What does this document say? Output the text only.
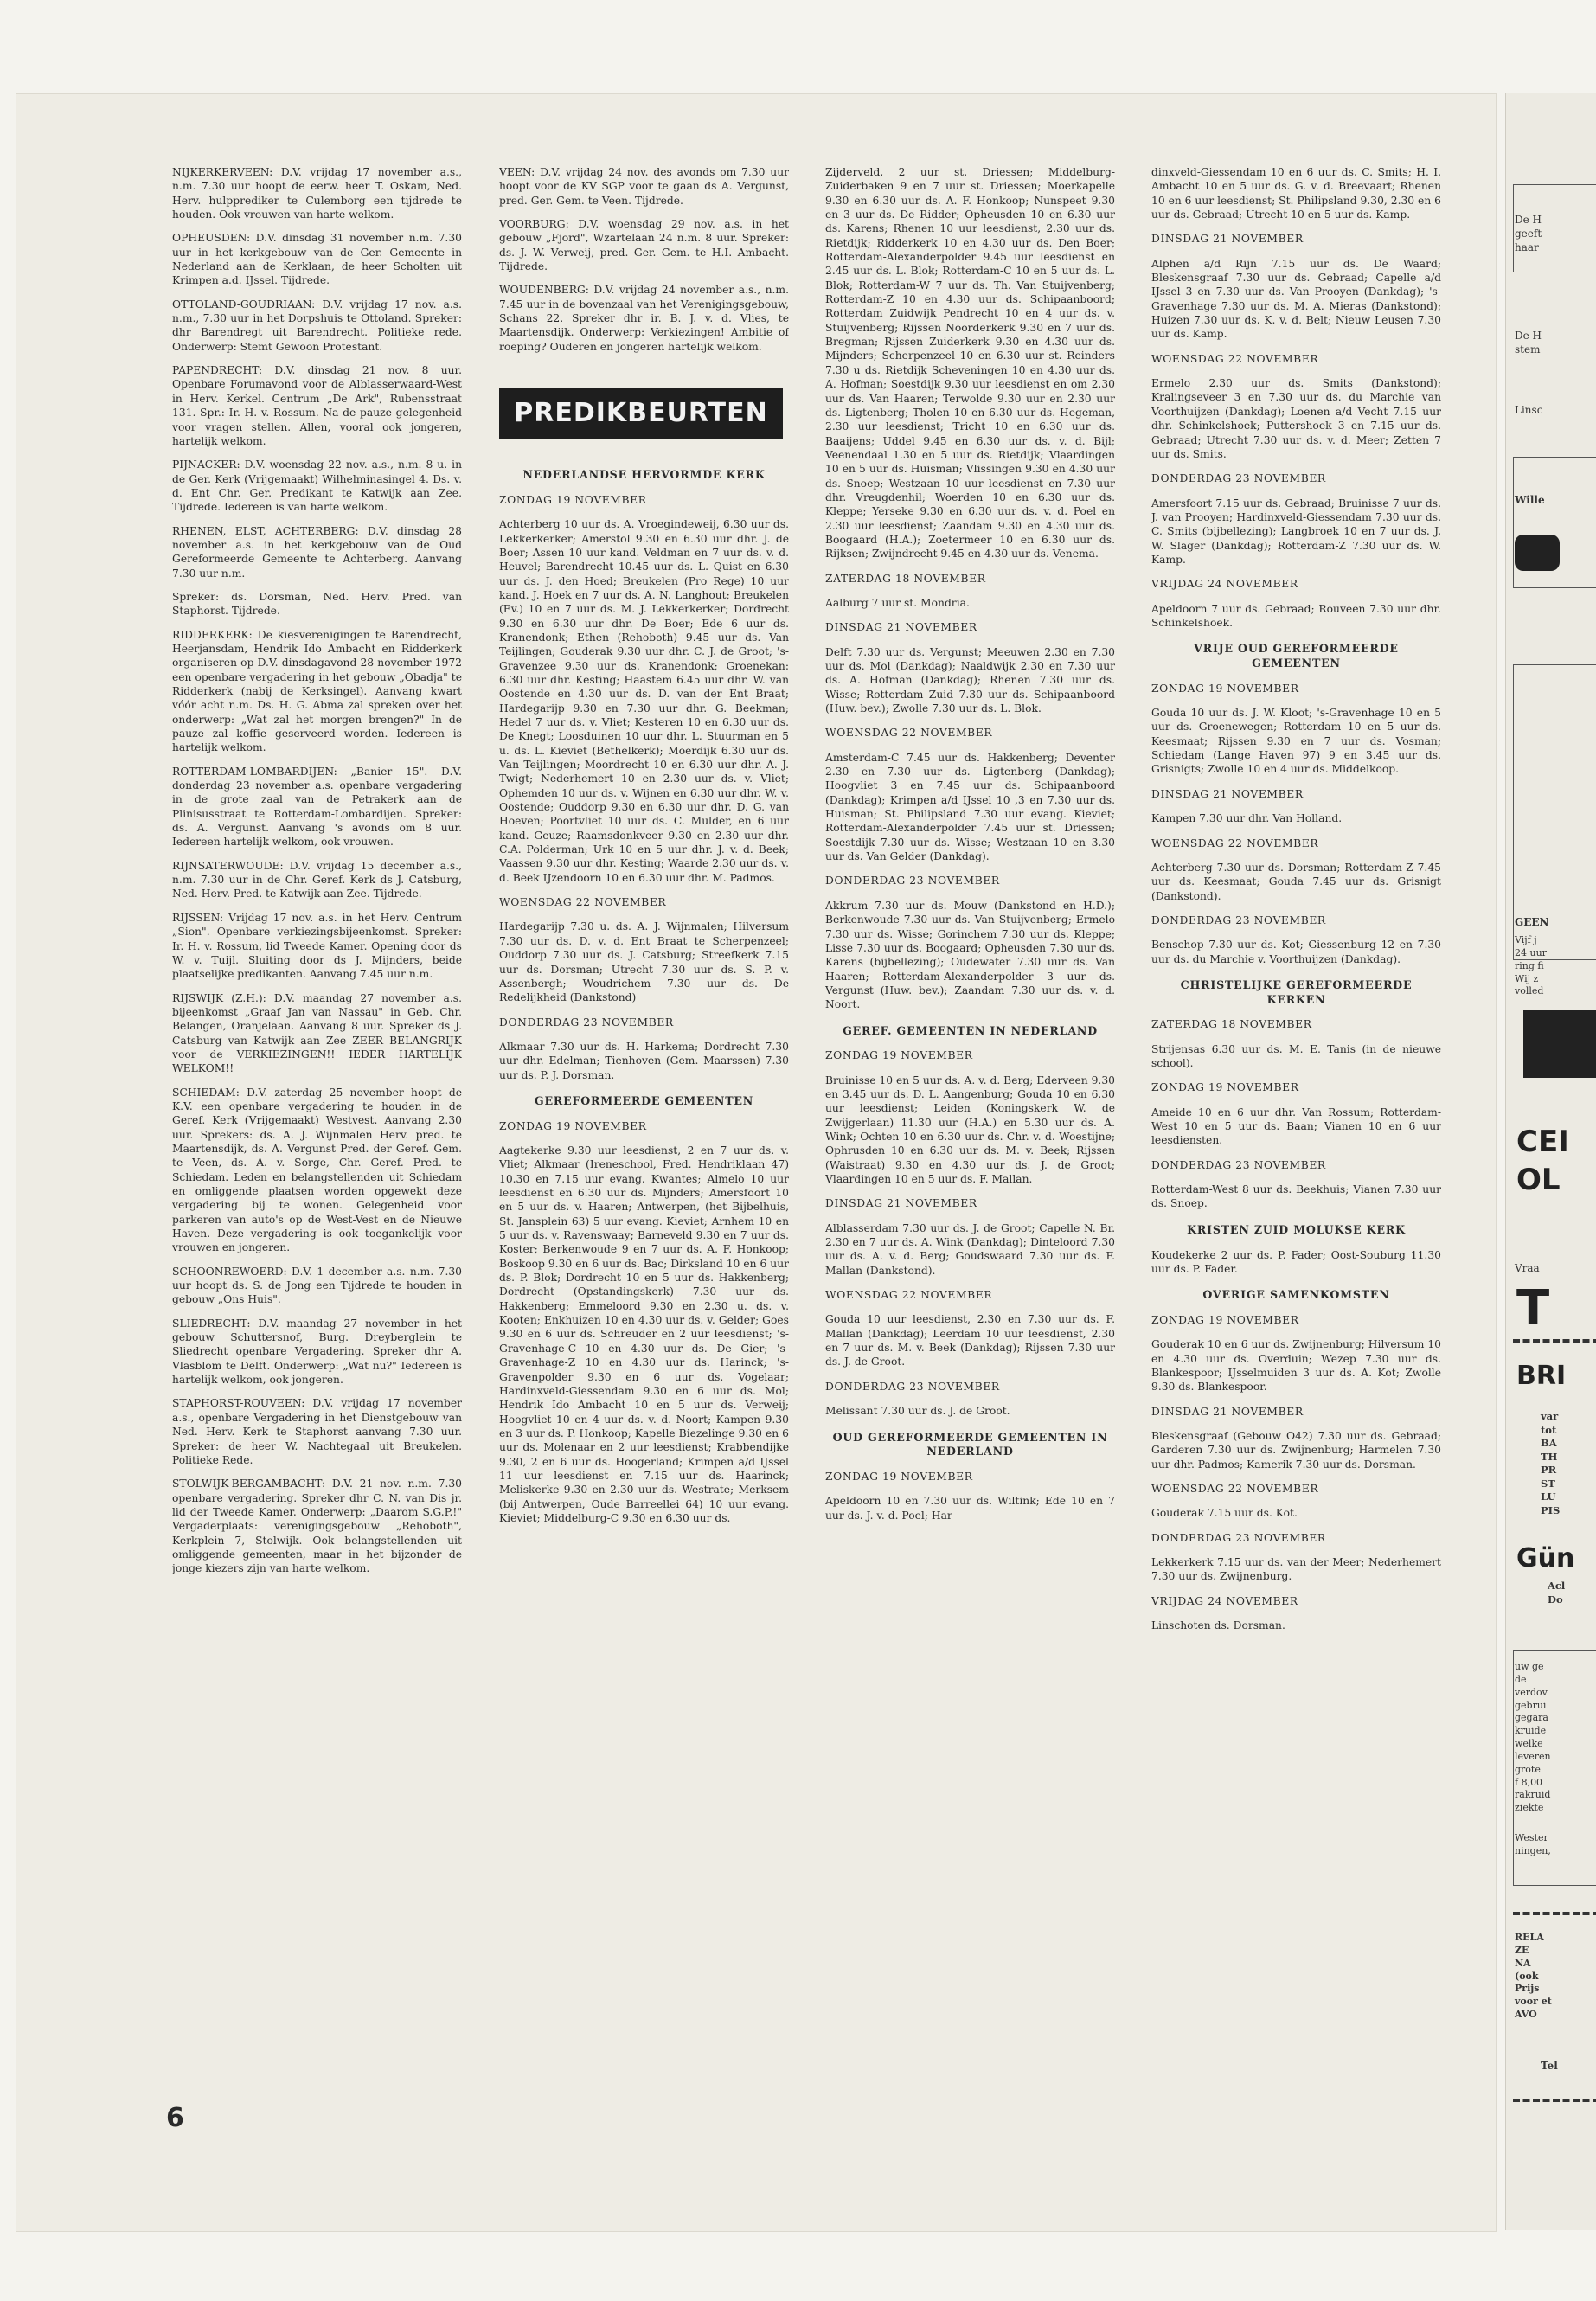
NIJKERKERVEEN: D.V. vrijdag 17 november a.s., n.m. 7.30 uur hoopt de eerw. heer T. Oskam, Ned. Herv. hulpprediker te Culemborg een tijdrede te houden. Ook vrouwen van harte welkom.

OPHEUSDEN: D.V. dinsdag 31 november n.m. 7.30 uur in het kerkgebouw van de Ger. Gemeente in Nederland aan de Kerklaan, de heer Scholten uit Krimpen a.d. IJssel. Tijdrede.

OTTOLAND-GOUDRIAAN: D.V. vrijdag 17 nov. a.s. n.m., 7.30 uur in het Dorpshuis te Ottoland. Spreker: dhr Barendregt uit Barendrecht. Politieke rede. Onderwerp: Stemt Gewoon Protestant.

PAPENDRECHT: D.V. dinsdag 21 nov. 8 uur. Openbare Forumavond voor de Alblasserwaard-West in Herv. Kerkel. Centrum „De Ark", Rubensstraat 131. Spr.: Ir. H. v. Rossum. Na de pauze gelegenheid voor vragen stellen. Allen, vooral ook jongeren, hartelijk welkom.

PIJNACKER: D.V. woensdag 22 nov. a.s., n.m. 8 u. in de Ger. Kerk (Vrijgemaakt) Wilhelminasingel 4. Ds. v. d. Ent Chr. Ger. Predikant te Katwijk aan Zee. Tijdrede. Iedereen is van harte welkom.

RHENEN, ELST, ACHTERBERG: D.V. dinsdag 28 november a.s. in het kerkgebouw van de Oud Gereformeerde Gemeente te Achterberg. Aanvang 7.30 uur n.m.

Spreker: ds. Dorsman, Ned. Herv. Pred. van Staphorst. Tijdrede.

RIDDERKERK: De kiesverenigingen te Barendrecht, Heerjansdam, Hendrik Ido Ambacht en Ridderkerk organiseren op D.V. dinsdagavond 28 november 1972 een openbare vergadering in het gebouw „Obadja" te Ridderkerk (nabij de Kerksingel). Aanvang kwart vóór acht n.m. Ds. H. G. Abma zal spreken over het onderwerp: „Wat zal het morgen brengen?" In de pauze zal koffie geserveerd worden. Iedereen is hartelijk welkom.

ROTTERDAM-LOMBARDIJEN: „Banier 15". D.V. donderdag 23 november a.s. openbare vergadering in de grote zaal van de Petrakerk aan de Plinisusstraat te Rotterdam-Lombardijen. Spreker: ds. A. Vergunst. Aanvang 's avonds om 8 uur. Iedereen hartelijk welkom, ook vrouwen.

RIJNSATERWOUDE: D.V. vrijdag 15 december a.s., n.m. 7.30 uur in de Chr. Geref. Kerk ds J. Catsburg, Ned. Herv. Pred. te Katwijk aan Zee. Tijdrede.

RIJSSEN: Vrijdag 17 nov. a.s. in het Herv. Centrum „Sion". Openbare verkiezingsbijeenkomst. Spreker: Ir. H. v. Rossum, lid Tweede Kamer. Opening door ds W. v. Tuijl. Sluiting door ds J. Mijnders, beide plaatselijke predikanten. Aanvang 7.45 uur n.m.

RIJSWIJK (Z.H.): D.V. maandag 27 november a.s. bijeenkomst „Graaf Jan van Nassau" in Geb. Chr. Belangen, Oranjelaan. Aanvang 8 uur. Spreker ds J. Catsburg van Katwijk aan Zee ZEER BELANGRIJK voor de VERKIEZINGEN!! IEDER HARTELIJK WELKOM!!

SCHIEDAM: D.V. zaterdag 25 november hoopt de K.V. een openbare vergadering te houden in de Geref. Kerk (Vrijgemaakt) Westvest. Aanvang 2.30 uur. Sprekers: ds. A. J. Wijnmalen Herv. pred. te Maartensdijk, ds. A. Vergunst Pred. der Geref. Gem. te Veen, ds. A. v. Sorge, Chr. Geref. Pred. te Schiedam. Leden en belangstellenden uit Schiedam en omliggende plaatsen worden opgewekt deze vergadering bij te wonen. Gelegenheid voor parkeren van auto's op de West-Vest en de Nieuwe Haven. Deze vergadering is ook toegankelijk voor vrouwen en jongeren.

SCHOONREWOERD: D.V. 1 december a.s. n.m. 7.30 uur hoopt ds. S. de Jong een Tijdrede te houden in gebouw „Ons Huis".

SLIEDRECHT: D.V. maandag 27 november in het gebouw Schuttersnof, Burg. Dreyberglein te Sliedrecht openbare Vergadering. Spreker dhr A. Vlasblom te Delft. Onderwerp: „Wat nu?" Iedereen is hartelijk welkom, ook jongeren.

STAPHORST-ROUVEEN: D.V. vrijdag 17 november a.s., openbare Vergadering in het Dienstgebouw van Ned. Herv. Kerk te Staphorst aanvang 7.30 uur. Spreker: de heer W. Nachtegaal uit Breukelen. Politieke Rede.

STOLWIJK-BERGAMBACHT: D.V. 21 nov. n.m. 7.30 openbare vergadering. Spreker dhr C. N. van Dis jr. lid der Tweede Kamer. Onderwerp: „Daarom S.G.P.!" Vergaderplaats: verenigingsgebouw „Rehoboth", Kerkplein 7, Stolwijk. Ook belangstellenden uit omliggende gemeenten, maar in het bijzonder de jonge kiezers zijn van harte welkom.

VEEN: D.V. vrijdag 24 nov. des avonds om 7.30 uur hoopt voor de KV SGP voor te gaan ds A. Vergunst, pred. Ger. Gem. te Veen. Tijdrede.

VOORBURG: D.V. woensdag 29 nov. a.s. in het gebouw „Fjord", Wzartelaan 24 n.m. 8 uur. Spreker: ds. J. W. Verweij, pred. Ger. Gem. te H.I. Ambacht. Tijdrede.

WOUDENBERG: D.V. vrijdag 24 november a.s., n.m. 7.45 uur in de bovenzaal van het Verenigingsgebouw, Schans 22. Spreker dhr ir. B. J. v. d. Vlies, te Maartensdijk. Onderwerp: Verkiezingen! Ambitie of roeping? Ouderen en jongeren hartelijk welkom.

PREDIKBEURTEN
NEDERLANDSE HERVORMDE KERK
ZONDAG 19 NOVEMBER

Achterberg 10 uur ds. A. Vroegindeweij, 6.30 uur ds. Lekkerkerker; Amerstol 9.30 en 6.30 uur dhr. J. de Boer; Assen 10 uur kand. Veldman en 7 uur ds. v. d. Heuvel; Barendrecht 10.45 uur ds. L. Quist en 6.30 uur ds. J. den Hoed; Breukelen (Pro Rege) 10 uur kand. J. Hoek en 7 uur ds. A. N. Langhout; Breukelen (Ev.) 10 en 7 uur ds. M. J. Lekkerkerker; Dordrecht 9.30 en 6.30 uur dhr. De Boer; Ede 6 uur ds. Kranendonk; Ethen (Rehoboth) 9.45 uur ds. Van Teijlingen; Gouderak 9.30 uur dhr. C. J. de Groot; 's-Gravenzee 9.30 uur ds. Kranendonk; Groenekan: 6.30 uur dhr. Kesting; Haastem 6.45 uur dhr. W. van Oostende en 4.30 uur ds. D. van der Ent Braat; Hardegarijp 9.30 en 7.30 uur dhr. G. Beekman; Hedel 7 uur ds. v. Vliet; Kesteren 10 en 6.30 uur ds. De Knegt; Loosduinen 10 uur dhr. L. Stuurman en 5 u. ds. L. Kieviet (Bethelkerk); Moerdijk 6.30 uur ds. Van Teijlingen; Moordrecht 10 en 6.30 uur dhr. A. J. Twigt; Nederhemert 10 en 2.30 uur ds. v. Vliet; Ophemden 10 uur ds. v. Wijnen en 6.30 uur dhr. W. v. Oostende; Ouddorp 9.30 en 6.30 uur dhr. D. G. van Hoeven; Poortvliet 10 uur ds. C. Mulder, en 6 uur kand. Geuze; Raamsdonkveer 9.30 en 2.30 uur dhr. C.A. Polderman; Urk 10 en 5 uur dhr. J. v. d. Beek; Vaassen 9.30 uur dhr. Kesting; Waarde 2.30 uur ds. v. d. Beek IJzendoorn 10 en 6.30 uur dhr. M. Padmos.

WOENSDAG 22 NOVEMBER

Hardegarijp 7.30 u. ds. A. J. Wijnmalen; Hilversum 7.30 uur ds. D. v. d. Ent Braat te Scherpenzeel; Ouddorp 7.30 uur ds. J. Catsburg; Streefkerk 7.15 uur ds. Dorsman; Utrecht 7.30 uur ds. S. P. v. Assenbergh; Woudrichem 7.30 uur ds. De Redelijkheid (Dankstond)

DONDERDAG 23 NOVEMBER

Alkmaar 7.30 uur ds. H. Harkema; Dordrecht 7.30 uur dhr. Edelman; Tienhoven (Gem. Maarssen) 7.30 uur ds. P. J. Dorsman.

GEREFORMEERDE GEMEENTEN
ZONDAG 19 NOVEMBER

Aagtekerke 9.30 uur leesdienst, 2 en 7 uur ds. v. Vliet; Alkmaar (Ireneschool, Fred. Hendriklaan 47) 10.30 en 7.15 uur evang. Kwantes; Almelo 10 uur leesdienst en 6.30 uur ds. Mijnders; Amersfoort 10 en 5 uur ds. v. Haaren; Antwerpen, (het Bijbelhuis, St. Jansplein 63) 5 uur evang. Kieviet; Arnhem 10 en 5 uur ds. v. Ravenswaay; Barneveld 9.30 en 7 uur ds. Koster; Berkenwoude 9 en 7 uur ds. A. F. Honkoop; Boskoop 9.30 en 6 uur ds. Bac; Dirksland 10 en 6 uur ds. P. Blok; Dordrecht 10 en 5 uur ds. Hakkenberg; Dordrecht (Opstandingskerk) 7.30 uur ds. Hakkenberg; Emmeloord 9.30 en 2.30 u. ds. v. Kooten; Enkhuizen 10 en 4.30 uur ds. v. Gelder; Goes 9.30 en 6 uur ds. Schreuder en 2 uur leesdienst; 's-Gravenhage-C 10 en 4.30 uur ds. De Gier; 's-Gravenhage-Z 10 en 4.30 uur ds. Harinck; 's-Gravenpolder 9.30 en 6 uur ds. Vogelaar; Hardinxveld-Giessendam 9.30 en 6 uur ds. Mol; Hendrik Ido Ambacht 10 en 5 uur ds. Verweij; Hoogvliet 10 en 4 uur ds. v. d. Noort; Kampen 9.30 en 3 uur ds. P. Honkoop; Kapelle Biezelinge 9.30 en 6 uur ds. Molenaar en 2 uur leesdienst; Krabbendijke 9.30, 2 en 6 uur ds. Hoogerland; Krimpen a/d IJssel 11 uur leesdienst en 7.15 uur ds. Haarinck; Meliskerke 9.30 en 2.30 uur ds. Westrate; Merksem (bij Antwerpen, Oude Barreellei 64) 10 uur evang. Kieviet; Middelburg-C 9.30 en 6.30 uur ds.

Zijderveld, 2 uur st. Driessen; Middelburg-Zuiderbaken 9 en 7 uur st. Driessen; Moerkapelle 9.30 en 6.30 uur ds. A. F. Honkoop; Nunspeet 9.30 en 3 uur ds. De Ridder; Opheusden 10 en 6.30 uur ds. Karens; Rhenen 10 uur leesdienst, 2.30 uur ds. Rietdijk; Ridderkerk 10 en 4.30 uur ds. Den Boer; Rotterdam-Alexanderpolder 9.45 uur leesdienst en 2.45 uur ds. L. Blok; Rotterdam-C 10 en 5 uur ds. L. Blok; Rotterdam-W 7 uur ds. Th. Van Stuijvenberg; Rotterdam-Z 10 en 4.30 uur ds. Schipaanboord; Rotterdam Zuidwijk Pendrecht 10 en 4 uur ds. v. Stuijvenberg; Rijssen Noorderkerk 9.30 en 7 uur ds. Bregman; Rijssen Zuiderkerk 9.30 en 4.30 uur ds. Mijnders; Scherpenzeel 10 en 6.30 uur st. Reinders 7.30 u ds. Rietdijk Scheveningen 10 en 4.30 uur ds. A. Hofman; Soestdijk 9.30 uur leesdienst en om 2.30 uur ds. Van Haaren; Terwolde 9.30 uur en 2.30 uur ds. Ligtenberg; Tholen 10 en 6.30 uur ds. Hegeman, 2.30 uur leesdienst; Tricht 10 en 6.30 uur ds. Baaijens; Uddel 9.45 en 6.30 uur ds. v. d. Bijl; Veenendaal 1.30 en 5 uur ds. Rietdijk; Vlaardingen 10 en 5 uur ds. Huisman; Vlissingen 9.30 en 4.30 uur ds. Snoep; Westzaan 10 uur leesdienst en 7.30 uur dhr. Vreugdenhil; Woerden 10 en 6.30 uur ds. Kleppe; Yerseke 9.30 en 6.30 uur ds. v. d. Poel en 2.30 uur leesdienst; Zaandam 9.30 en 4.30 uur ds. Boogaard (H.A.); Zoetermeer 10 en 6.30 uur ds. Rijksen; Zwijndrecht 9.45 en 4.30 uur ds. Venema.

ZATERDAG 18 NOVEMBER

Aalburg 7 uur st. Mondria.

DINSDAG 21 NOVEMBER

Delft 7.30 uur ds. Vergunst; Meeuwen 2.30 en 7.30 uur ds. Mol (Dankdag); Naaldwijk 2.30 en 7.30 uur ds. A. Hofman (Dankdag); Rhenen 7.30 uur ds. Wisse; Rotterdam Zuid 7.30 uur ds. Schipaanboord (Huw. bev.); Zwolle 7.30 uur ds. L. Blok.

WOENSDAG 22 NOVEMBER

Amsterdam-C 7.45 uur ds. Hakkenberg; Deventer 2.30 en 7.30 uur ds. Ligtenberg (Dankdag); Hoogvliet 3 en 7.45 uur ds. Schipaanboord (Dankdag); Krimpen a/d IJssel 10 ,3 en 7.30 uur ds. Huisman; St. Philipsland 7.30 uur evang. Kieviet; Rotterdam-Alexanderpolder 7.45 uur st. Driessen; Soestdijk 7.30 uur ds. Wisse; Westzaan 10 en 3.30 uur ds. Van Gelder (Dankdag).

DONDERDAG 23 NOVEMBER

Akkrum 7.30 uur ds. Mouw (Dankstond en H.D.); Berkenwoude 7.30 uur ds. Van Stuijvenberg; Ermelo 7.30 uur ds. Wisse; Gorinchem 7.30 uur ds. Kleppe; Lisse 7.30 uur ds. Boogaard; Opheusden 7.30 uur ds. Karens (bijbellezing); Oudewater 7.30 uur ds. Van Haaren; Rotterdam-Alexanderpolder 3 uur ds. Vergunst (Huw. bev.); Zaandam 7.30 uur ds. v. d. Noort.

GEREF. GEMEENTEN IN NEDERLAND
ZONDAG 19 NOVEMBER

Bruinisse 10 en 5 uur ds. A. v. d. Berg; Ederveen 9.30 en 3.45 uur ds. D. L. Aangenburg; Gouda 10 en 6.30 uur leesdienst; Leiden (Koningskerk W. de Zwijgerlaan) 11.30 uur (H.A.) en 5.30 uur ds. A. Wink; Ochten 10 en 6.30 uur ds. Chr. v. d. Woestijne; Ophrusden 10 en 6.30 uur ds. M. v. Beek; Rijssen (Waistraat) 9.30 en 4.30 uur ds. J. de Groot; Vlaardingen 10 en 5 uur ds. F. Mallan.

DINSDAG 21 NOVEMBER

Alblasserdam 7.30 uur ds. J. de Groot; Capelle N. Br. 2.30 en 7 uur ds. A. Wink (Dankdag); Dinteloord 7.30 uur ds. A. v. d. Berg; Goudswaard 7.30 uur ds. F. Mallan (Dankstond).

WOENSDAG 22 NOVEMBER

Gouda 10 uur leesdienst, 2.30 en 7.30 uur ds. F. Mallan (Dankdag); Leerdam 10 uur leesdienst, 2.30 en 7 uur ds. M. v. Beek (Dankdag); Rijssen 7.30 uur ds. J. de Groot.

DONDERDAG 23 NOVEMBER

Melissant 7.30 uur ds. J. de Groot.

OUD GEREFORMEERDE GEMEENTEN IN NEDERLAND
ZONDAG 19 NOVEMBER

Apeldoorn 10 en 7.30 uur ds. Wiltink; Ede 10 en 7 uur ds. J. v. d. Poel; Har-

dinxveld-Giessendam 10 en 6 uur ds. C. Smits; H. I. Ambacht 10 en 5 uur ds. G. v. d. Breevaart; Rhenen 10 en 6 uur leesdienst; St. Philipsland 9.30, 2.30 en 6 uur ds. Gebraad; Utrecht 10 en 5 uur ds. Kamp.

DINSDAG 21 NOVEMBER

Alphen a/d Rijn 7.15 uur ds. De Waard; Bleskensgraaf 7.30 uur ds. Gebraad; Capelle a/d IJssel 3 en 7.30 uur ds. Van Prooyen (Dankdag); 's-Gravenhage 7.30 uur ds. M. A. Mieras (Dankstond); Huizen 7.30 uur ds. K. v. d. Belt; Nieuw Leusen 7.30 uur ds. Kamp.

WOENSDAG 22 NOVEMBER

Ermelo 2.30 uur ds. Smits (Dankstond); Kralingseveer 3 en 7.30 uur ds. du Marchie van Voorthuijzen (Dankdag); Loenen a/d Vecht 7.15 uur dhr. Schinkelshoek; Puttershoek 3 en 7.15 uur ds. Gebraad; Utrecht 7.30 uur ds. v. d. Meer; Zetten 7 uur ds. Smits.

DONDERDAG 23 NOVEMBER

Amersfoort 7.15 uur ds. Gebraad; Bruinisse 7 uur ds. J. van Prooyen; Hardinxveld-Giessendam 7.30 uur ds. C. Smits (bijbellezing); Langbroek 10 en 7 uur ds. J. W. Slager (Dankdag); Rotterdam-Z 7.30 uur ds. W. Kamp.

VRIJDAG 24 NOVEMBER

Apeldoorn 7 uur ds. Gebraad; Rouveen 7.30 uur dhr. Schinkelshoek.

VRIJE OUD GEREFORMEERDE GEMEENTEN
ZONDAG 19 NOVEMBER

Gouda 10 uur ds. J. W. Kloot; 's-Gravenhage 10 en 5 uur ds. Groenewegen; Rotterdam 10 en 5 uur ds. Keesmaat; Rijssen 9.30 en 7 uur ds. Vosman; Schiedam (Lange Haven 97) 9 en 3.45 uur ds. Grisnigts; Zwolle 10 en 4 uur ds. Middelkoop.

DINSDAG 21 NOVEMBER

Kampen 7.30 uur dhr. Van Holland.

WOENSDAG 22 NOVEMBER

Achterberg 7.30 uur ds. Dorsman; Rotterdam-Z 7.45 uur ds. Keesmaat; Gouda 7.45 uur ds. Grisnigt (Dankstond).

DONDERDAG 23 NOVEMBER

Benschop 7.30 uur ds. Kot; Giessenburg 12 en 7.30 uur ds. du Marchie v. Voorthuijzen (Dankdag).

CHRISTELIJKE GEREFORMEERDE KERKEN
ZATERDAG 18 NOVEMBER

Strijensas 6.30 uur ds. M. E. Tanis (in de nieuwe school).

ZONDAG 19 NOVEMBER

Ameide 10 en 6 uur dhr. Van Rossum; Rotterdam-West 10 en 5 uur ds. Baan; Vianen 10 en 6 uur leesdiensten.

DONDERDAG 23 NOVEMBER

Rotterdam-West 8 uur ds. Beekhuis; Vianen 7.30 uur ds. Snoep.

KRISTEN ZUID MOLUKSE KERK

Koudekerke 2 uur ds. P. Fader; Oost-Souburg 11.30 uur ds. P. Fader.

OVERIGE SAMENKOMSTEN
ZONDAG 19 NOVEMBER

Gouderak 10 en 6 uur ds. Zwijnenburg; Hilversum 10 en 4.30 uur ds. Overduin; Wezep 7.30 uur ds. Blankespoor; IJsselmuiden 3 uur ds. A. Kot; Zwolle 9.30 ds. Blankespoor.

DINSDAG 21 NOVEMBER

Bleskensgraaf (Gebouw O42) 7.30 uur ds. Gebraad; Garderen 7.30 uur ds. Zwijnenburg; Harmelen 7.30 uur dhr. Padmos; Kamerik 7.30 uur ds. Dorsman.

WOENSDAG 22 NOVEMBER

Gouderak 7.15 uur ds. Kot.

DONDERDAG 23 NOVEMBER

Lekkerkerk 7.15 uur ds. van der Meer; Nederhemert 7.30 uur ds. Zwijnenburg.

VRIJDAG 24 NOVEMBER

Linschoten ds. Dorsman.

6
De H
geeft
haar
De H
stem
Linsc
Wille
GEEN
Vijf j
24 uur
ring fi
Wij z
volled
CEI
OL
Vraa
T
BRI
var
tot
BA
TH
PR
ST
LU
PIS
Gün
Acl
Do
uw ge
de
verdov
gebrui
gegara
kruide
welke
leveren
grote
f 8,00
rakruid
ziekte
Wester
ningen,
RELA
ZE
NA
(ook
Prijs
voor et
AVO
Tel
